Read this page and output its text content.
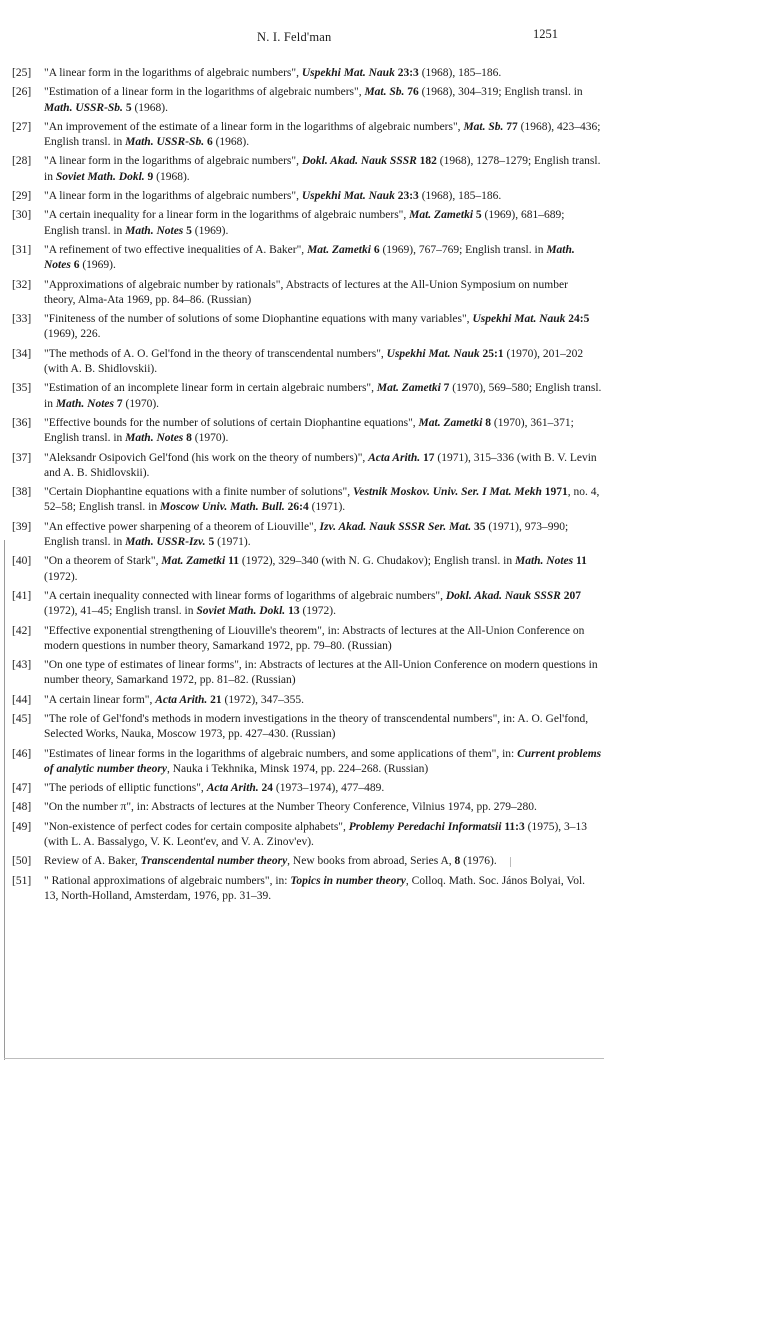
N. I. Feld'man	1251
[25] "A linear form in the logarithms of algebraic numbers", Uspekhi Mat. Nauk 23:3 (1968), 185–186.
[26] "Estimation of a linear form in the logarithms of algebraic numbers", Mat. Sb. 76 (1968), 304–319; English transl. in Math. USSR-Sb. 5 (1968).
[27] "An improvement of the estimate of a linear form in the logarithms of algebraic numbers", Mat. Sb. 77 (1968), 423–436; English transl. in Math. USSR-Sb. 6 (1968).
[28] "A linear form in the logarithms of algebraic numbers", Dokl. Akad. Nauk SSSR 182 (1968), 1278–1279; English transl. in Soviet Math. Dokl. 9 (1968).
[29] "A linear form in the logarithms of algebraic numbers", Uspekhi Mat. Nauk 23:3 (1968), 185–186.
[30] "A certain inequality for a linear form in the logarithms of algebraic numbers", Mat. Zametki 5 (1969), 681–689; English transl. in Math. Notes 5 (1969).
[31] "A refinement of two effective inequalities of A. Baker", Mat. Zametki 6 (1969), 767–769; English transl. in Math. Notes 6 (1969).
[32] "Approximations of algebraic number by rationals", Abstracts of lectures at the All-Union Symposium on number theory, Alma-Ata 1969, pp. 84–86. (Russian)
[33] "Finiteness of the number of solutions of some Diophantine equations with many variables", Uspekhi Mat. Nauk 24:5 (1969), 226.
[34] "The methods of A. O. Gel'fond in the theory of transcendental numbers", Uspekhi Mat. Nauk 25:1 (1970), 201–202 (with A. B. Shidlovskii).
[35] "Estimation of an incomplete linear form in certain algebraic numbers", Mat. Zametki 7 (1970), 569–580; English transl. in Math. Notes 7 (1970).
[36] "Effective bounds for the number of solutions of certain Diophantine equations", Mat. Zametki 8 (1970), 361–371; English transl. in Math. Notes 8 (1970).
[37] "Aleksandr Osipovich Gel'fond (his work on the theory of numbers)", Acta Arith. 17 (1971), 315–336 (with B. V. Levin and A. B. Shidlovskii).
[38] "Certain Diophantine equations with a finite number of solutions", Vestnik Moskov. Univ. Ser. I Mat. Mekh 1971, no. 4, 52–58; English transl. in Moscow Univ. Math. Bull. 26:4 (1971).
[39] "An effective power sharpening of a theorem of Liouville", Izv. Akad. Nauk SSSR Ser. Mat. 35 (1971), 973–990; English transl. in Math. USSR-Izv. 5 (1971).
[40] "On a theorem of Stark", Mat. Zametki 11 (1972), 329–340 (with N. G. Chudakov); English transl. in Math. Notes 11 (1972).
[41] "A certain inequality connected with linear forms of logarithms of algebraic numbers", Dokl. Akad. Nauk SSSR 207 (1972), 41–45; English transl. in Soviet Math. Dokl. 13 (1972).
[42] "Effective exponential strengthening of Liouville's theorem", in: Abstracts of lectures at the All-Union Conference on modern questions in number theory, Samarkand 1972, pp. 79–80. (Russian)
[43] "On one type of estimates of linear forms", in: Abstracts of lectures at the All-Union Conference on modern questions in number theory, Samarkand 1972, pp. 81–82. (Russian)
[44] "A certain linear form", Acta Arith. 21 (1972), 347–355.
[45] "The role of Gel'fond's methods in modern investigations in the theory of transcendental numbers", in: A. O. Gel'fond, Selected Works, Nauka, Moscow 1973, pp. 427–430. (Russian)
[46] "Estimates of linear forms in the logarithms of algebraic numbers, and some applications of them", in: Current problems of analytic number theory, Nauka i Tekhnika, Minsk 1974, pp. 224–268. (Russian)
[47] "The periods of elliptic functions", Acta Arith. 24 (1973–1974), 477–489.
[48] "On the number π", in: Abstracts of lectures at the Number Theory Conference, Vilnius 1974, pp. 279–280.
[49] "Non-existence of perfect codes for certain composite alphabets", Problemy Peredachi Informatsii 11:3 (1975), 3–13 (with L. A. Bassalygo, V. K. Leont'ev, and V. A. Zinov'ev).
[50] Review of A. Baker, Transcendental number theory, New books from abroad, Series A, 8 (1976).
[51] " Rational approximations of algebraic numbers", in: Topics in number theory, Colloq. Math. Soc. János Bolyai, Vol. 13, North-Holland, Amsterdam, 1976, pp. 31–39.
